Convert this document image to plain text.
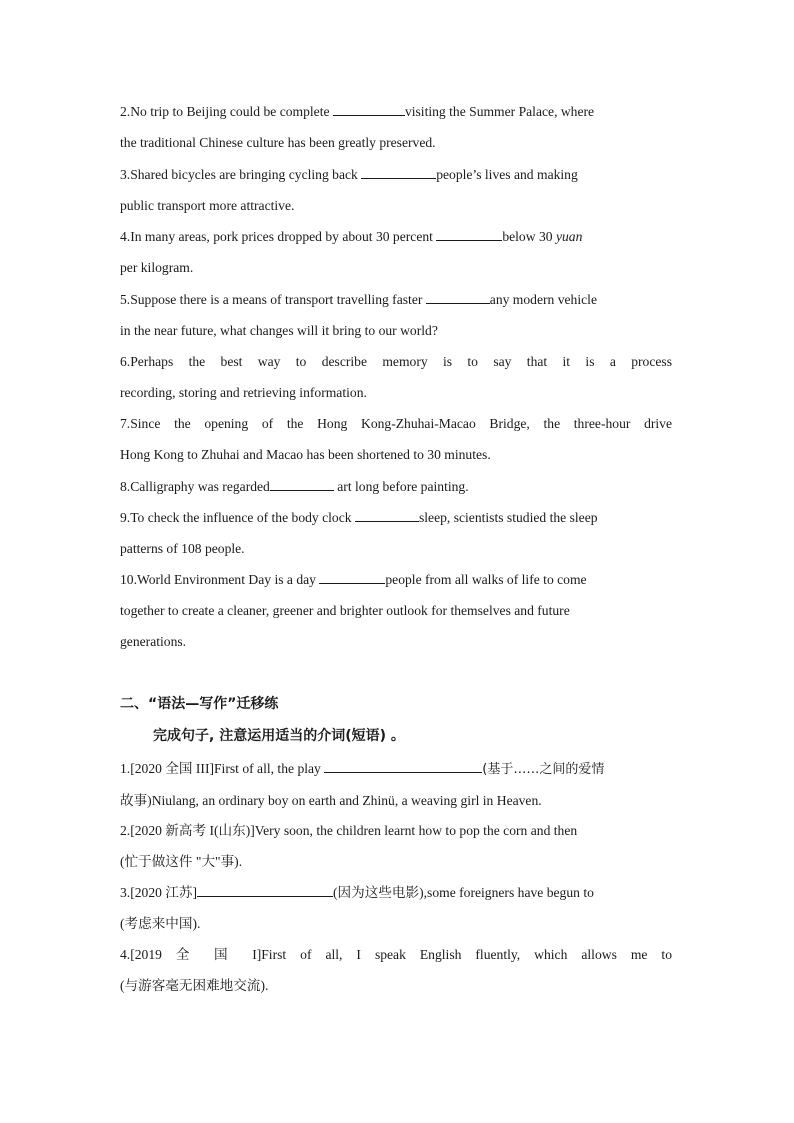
2.No trip to Beijing could be complete	visiting the Summer Palace, where
the traditional Chinese culture has been greatly preserved.
3.Shared bicycles are bringing cycling back	people’s lives and making
public transport more attractive.
4.In many areas, pork prices dropped by about 30 percent	below 30 yuan
per kilogram.
5.Suppose there is a means of transport travelling faster	any modern vehicle
in the near future, what changes will it bring to our world?
6.Perhaps the best way to describe memory is to say that it is a process
recording, storing and retrieving information.
7.Since the opening of the Hong Kong-Zhuhai-Macao Bridge, the three-hour drive
Hong Kong to Zhuhai and Macao has been shortened to 30 minutes.
8.Calligraphy was regarded	art long before painting.
9.To check the influence of the body clock	sleep, scientists studied the sleep
patterns of 108 people.
10.World Environment Day is a day	people from all walks of life to come
together to create a cleaner, greener and brighter outlook for themselves and future
generations.
二、“语法—写作”迁移练
完成句子, 注意运用适当的介词(短语) 。
1.[2020 全国 III]First of all, the play	(基于……之间的爱情
故事)Niulang, an ordinary boy on earth and Zhinü, a weaving girl in Heaven.
2.[2020 新高考 I(山东)]Very soon, the children learnt how to pop the corn and then
(忙于做这件 "大"事).
3.[2020 江苏]	(因为这些电影),some foreigners have begun to
(考虑来中国).
4.[2019 全 国 I]First of all, I speak English fluently, which allows me to
(与游客毫无困难地交流).
